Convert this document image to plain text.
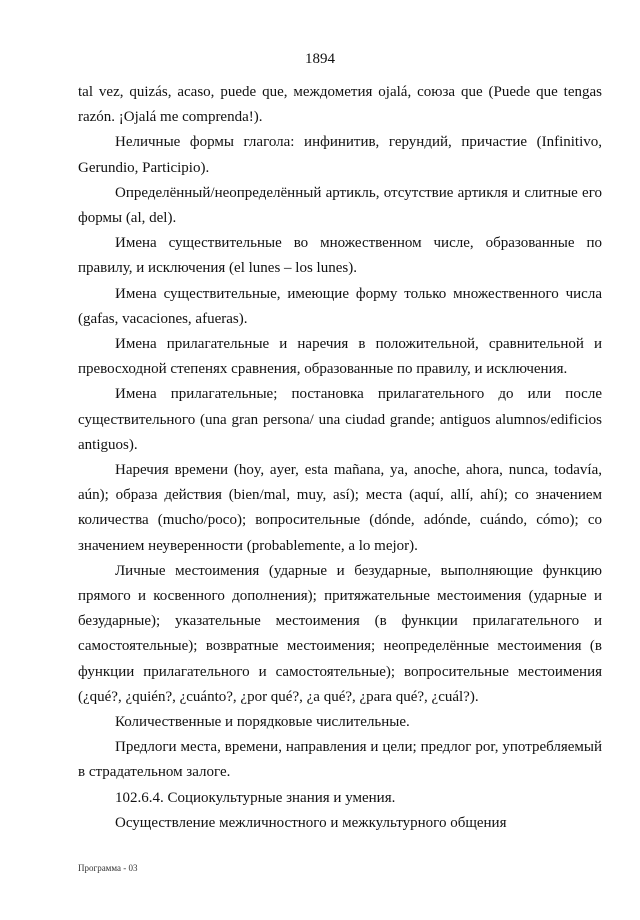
1894

tal vez, quizás, acaso, puede que, междометия ojalá, союза que (Puede que tengas razón. ¡Ojalá me comprenda!).

Неличные формы глагола: инфинитив, герундий, причастие (Infinitivo, Gerundio, Participio).

Определённый/неопределённый артикль, отсутствие артикля и слитные его формы (al, del).

Имена существительные во множественном числе, образованные по правилу, и исключения (el lunes – los lunes).

Имена существительные, имеющие форму только множественного числа (gafas, vacaciones, afueras).

Имена прилагательные и наречия в положительной, сравнительной и превосходной степенях сравнения, образованные по правилу, и исключения.

Имена прилагательные; постановка прилагательного до или после существительного (una gran persona/ una ciudad grande; antiguos alumnos/edificios antiguos).

Наречия времени (hoy, ayer, esta mañana, ya, anoche, ahora, nunca, todavía, aún); образа действия (bien/mal, muy, así); места (aquí, allí, ahí); со значением количества (mucho/poco); вопросительные (dónde, adónde, cuándo, cómo); со значением неуверенности (probablemente, a lo mejor).

Личные местоимения (ударные и безударные, выполняющие функцию прямого и косвенного дополнения); притяжательные местоимения (ударные и безударные); указательные местоимения (в функции прилагательного и самостоятельные); возвратные местоимения; неопределённые местоимения (в функции прилагательного и самостоятельные); вопросительные местоимения (¿qué?, ¿quién?, ¿cuánto?, ¿por qué?, ¿a qué?, ¿para qué?, ¿cuál?).

Количественные и порядковые числительные.

Предлоги места, времени, направления и цели; предлог por, употребляемый в страдательном залоге.

102.6.4. Социокультурные знания и умения.

Осуществление межличностного и межкультурного общения

Программа - 03
